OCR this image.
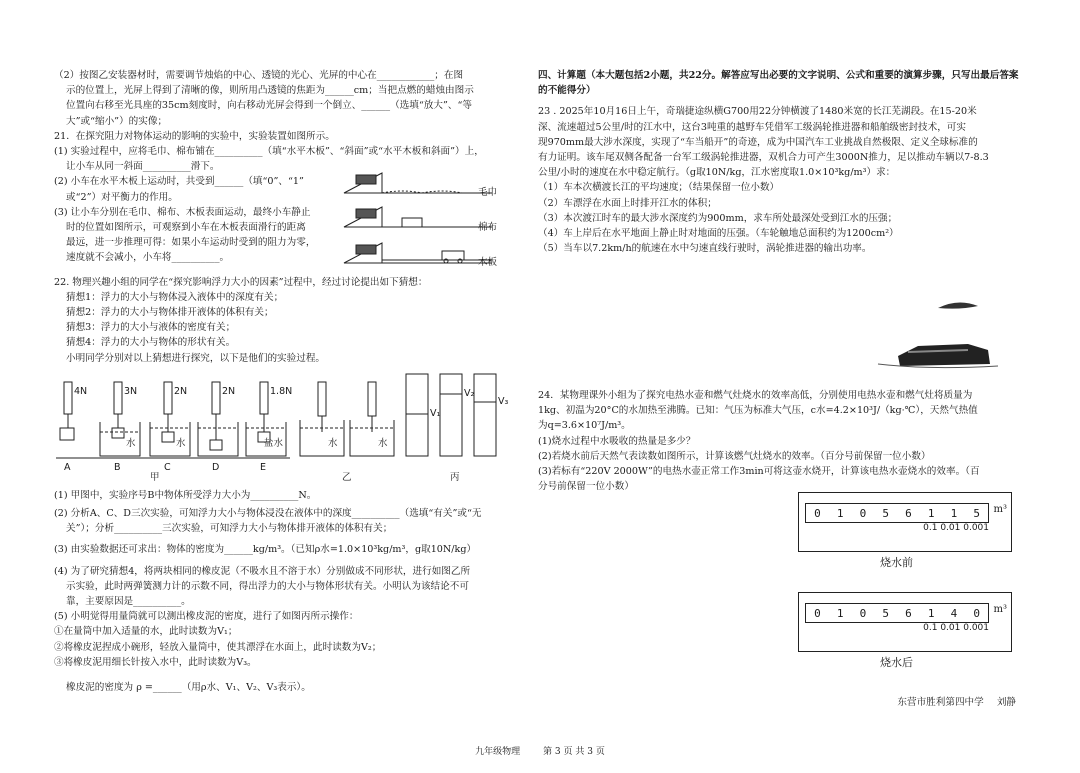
（2）按图乙安装器材时，需要调节烛焰的中心、透镜的光心、光屏的中心在____________；在图
示的位置上，光屏上得到了清晰的像，则所用凸透镜的焦距为______cm；当把点燃的蜡烛由图示
位置向右移至光具座的35cm刻度时，向右移动光屏会得到一个倒立、______（选填“放大”、“等
大”或“缩小”）的实像；
21．在探究阻力对物体运动的影响的实验中，实验装置如图所示。
(1) 实验过程中，应将毛巾、棉布铺在__________（填“水平木板”、“斜面”或“水平木板和斜面”）上，
让小车从同一斜面__________滑下。
(2) 小车在水平木板上运动时，共受到______（填“0”、“1”
或“2”）对平衡力的作用。
(3) 让小车分别在毛巾、棉布、木板表面运动，最终小车静止
时的位置如图所示，可观察到小车在木板表面滑行的距离
最远，进一步推理可得：如果小车运动时受到的阻力为零，
速度就不会减小，小车将__________。
毛巾
棉布
木板
22. 物理兴趣小组的同学在“探究影响浮力大小的因素”过程中，经过讨论提出如下猜想：
猜想1：浮力的大小与物体浸入液体中的深度有关；
猜想2：浮力的大小与物体排开液体的体积有关；
猜想3：浮力的大小与液体的密度有关；
猜想4：浮力的大小与物体的形状有关。
小明同学分别对以上猜想进行探究，以下是他们的实验过程。
4N	3N	2N	2N	1.8N
水	水	盐水	水	水
V₁
V₂
V₃
A	B	C	D	E
甲	乙	丙
(1) 甲图中，实验序号B中物体所受浮力大小为__________N。
(2) 分析A、C、D三次实验，可知浮力大小与物体浸没在液体中的深度__________（选填“有关”或“无
关”）；分析__________三次实验，可知浮力大小与物体排开液体的体积有关；
(3) 由实验数据还可求出：物体的密度为______kg/m³。（已知ρ水=1.0×10³kg/m³，g取10N/kg）
(4) 为了研究猜想4，将两块相同的橡皮泥（不吸水且不溶于水）分别做成不同形状，进行如图乙所
示实验，此时两弹簧测力计的示数不同，得出浮力的大小与物体形状有关。小明认为该结论不可
靠，主要原因是__________。
(5) 小明觉得用量筒就可以测出橡皮泥的密度，进行了如图丙所示操作：
①在量筒中加入适量的水，此时读数为V₁；
②将橡皮泥捏成小碗形，轻放入量筒中，使其漂浮在水面上，此时读数为V₂；
③将橡皮泥用细长针按入水中，此时读数为V₃。
橡皮泥的密度为 ρ =______（用ρ水、V₁、V₂、V₃表示）。
四、计算题（本大题包括2小题，共22分。解答应写出必要的文字说明、公式和重要的演算步骤，只写出最后答案的不能得分）
23 . 2025年10月16日上午，奇瑞捷途纵横G700用22分钟横渡了1480米宽的长江芜湖段。在15-20米
深、流速超过5公里/时的江水中，这台3吨重的越野车凭借军工级涡轮推进器和船舶级密封技术，可实
现970mm最大涉水深度，实现了“车当船开”的奇迹，成为中国汽车工业挑战自然极限、定义全球标准的
有力证明。该车尾双侧各配备一台军工级涡轮推进器，双机合力可产生3000N推力，足以推动车辆以7-8.3
公里/小时的速度在水中稳定航行。（g取10N/kg，江水密度取1.0×10³kg/m³）求：
（1）车本次横渡长江的平均速度；（结果保留一位小数）
（2）车漂浮在水面上时排开江水的体积；
（3）本次渡江时车的最大涉水深度约为900mm，求车所处最深处受到江水的压强；
（4）车上岸后在水平地面上静止时对地面的压强。（车轮触地总面积约为1200cm²）
（5）当车以7.2km/h的航速在水中匀速直线行驶时，涡轮推进器的输出功率。
24．某物理课外小组为了探究电热水壶和燃气灶烧水的效率高低，分别使用电热水壶和燃气灶将质量为
1kg、初温为20°C的水加热至沸腾。已知：气压为标准大气压，c水=4.2×10³J/（kg·℃），天然气热值
为q=3.6×10⁷J/m³。
(1)烧水过程中水吸收的热量是多少？
(2)若烧水前后天然气表读数如图所示，计算该燃气灶烧水的效率。（百分号前保留一位小数）
(3)若标有“220V 2000W”的电热水壶正常工作3min可将这壶水烧开，计算该电热水壶烧水的效率。（百
分号前保留一位小数）
0 1 0 5 6 1 1 5 m³
0.1 0.01 0.001
烧水前
0 1 0 5 6 1 4 0 m³
0.1 0.01 0.001
烧水后
东营市胜利第四中学 刘静
九年级物理	第 3 页 共 3 页
